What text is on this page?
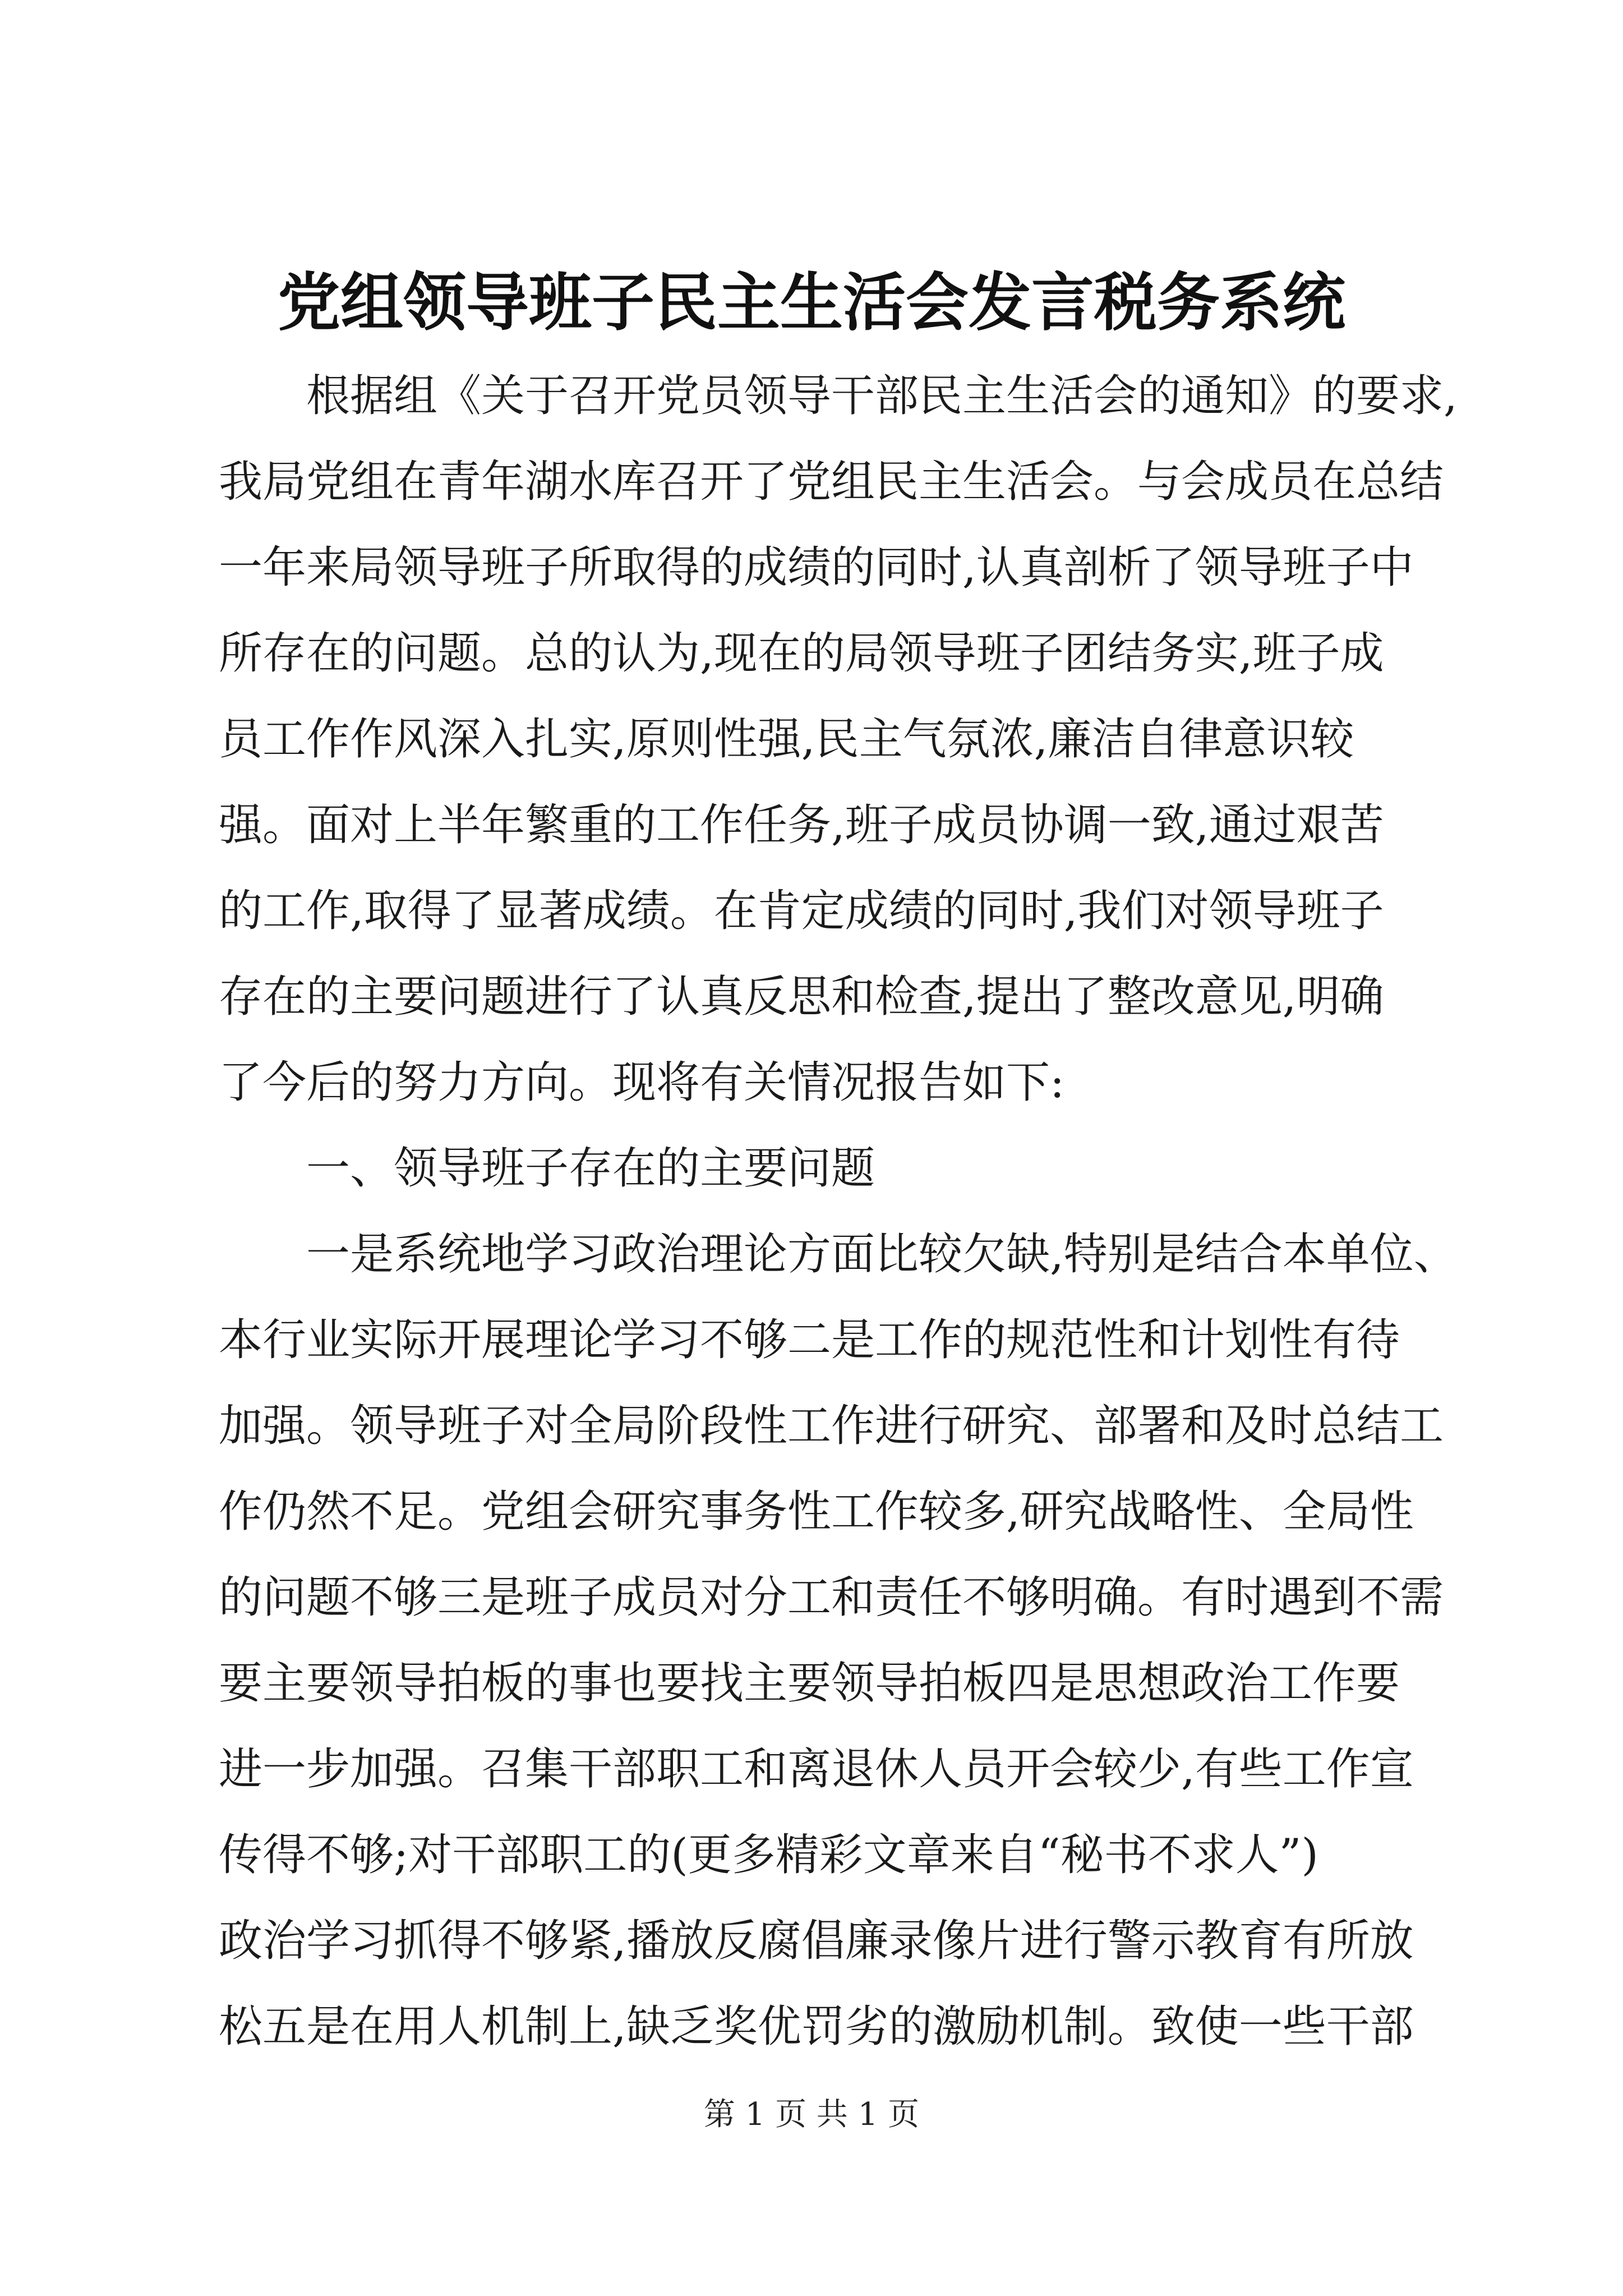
党组领导班子民主生活会发言税务系统
根据组《关于召开党员领导干部民主生活会的通知》的要求,
我局党组在青年湖水库召开了党组民主生活会。与会成员在总结
一年来局领导班子所取得的成绩的同时,认真剖析了领导班子中
所存在的问题。总的认为,现在的局领导班子团结务实,班子成
员工作作风深入扎实,原则性强,民主气氛浓,廉洁自律意识较
强。面对上半年繁重的工作任务,班子成员协调一致,通过艰苦
的工作,取得了显著成绩。在肯定成绩的同时,我们对领导班子
存在的主要问题进行了认真反思和检查,提出了整改意见,明确
了今后的努力方向。现将有关情况报告如下:
一、领导班子存在的主要问题
一是系统地学习政治理论方面比较欠缺,特别是结合本单位、
本行业实际开展理论学习不够二是工作的规范性和计划性有待
加强。领导班子对全局阶段性工作进行研究、部署和及时总结工
作仍然不足。党组会研究事务性工作较多,研究战略性、全局性
的问题不够三是班子成员对分工和责任不够明确。有时遇到不需
要主要领导拍板的事也要找主要领导拍板四是思想政治工作要
进一步加强。召集干部职工和离退休人员开会较少,有些工作宣
传得不够;对干部职工的(更多精彩文章来自“秘书不求人”)
政治学习抓得不够紧,播放反腐倡廉录像片进行警示教育有所放
松五是在用人机制上,缺乏奖优罚劣的激励机制。致使一些干部
第 1 页 共 1 页
